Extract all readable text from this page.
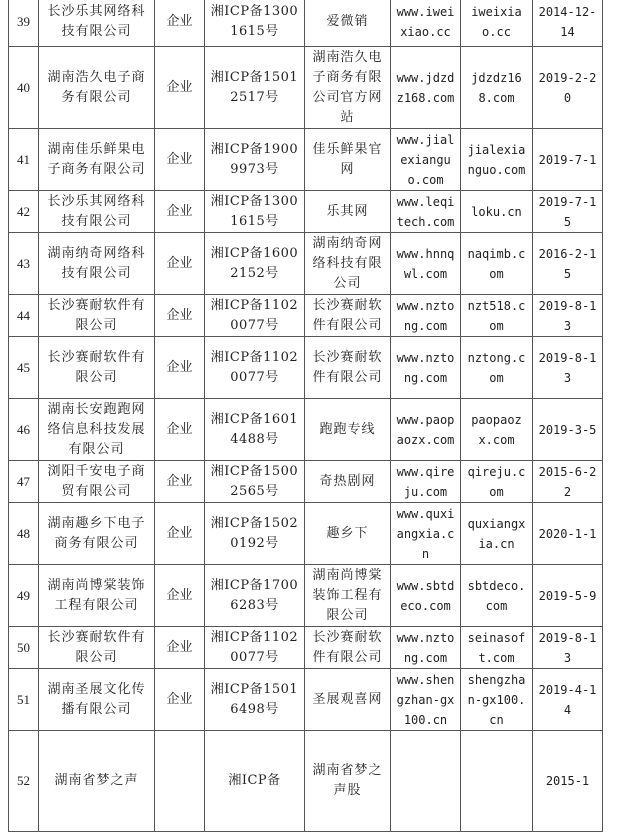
39	长沙乐其网络科技有限公司	企业	湘ICP备13001615号	爱微销	www.iweixiao.cc	iweixiao.cc	2014-12-14
40	湖南浩久电子商务有限公司	企业	湘ICP备15012517号	湖南浩久电子商务有限公司官方网站	www.jdzdz168.com	jdzdz168.com	2019-2-20
41	湖南佳乐鲜果电子商务有限公司	企业	湘ICP备19009973号	佳乐鲜果官网	www.jialexianguo.com	jialexianguo.com	2019-7-1
42	长沙乐其网络科技有限公司	企业	湘ICP备13001615号	乐其网	www.leqitech.com	loku.cn	2019-7-15
43	湖南纳奇网络科技有限公司	企业	湘ICP备16002152号	湖南纳奇网络科技有限公司	www.hnnqwl.com	naqimb.com	2016-2-15
44	长沙赛耐软件有限公司	企业	湘ICP备11020077号	长沙赛耐软件有限公司	www.nztong.com	nzt518.com	2019-8-13
45	长沙赛耐软件有限公司	企业	湘ICP备11020077号	长沙赛耐软件有限公司	www.nztong.com	nztong.com	2019-8-13
46	湖南长安跑跑网络信息科技发展有限公司	企业	湘ICP备16014488号	跑跑专线	www.paopaozx.com	paopaozx.com	2019-3-5
47	浏阳千安电子商贸有限公司	企业	湘ICP备15002565号	奇热剧网	www.qireju.com	qireju.com	2015-6-22
48	湖南趣乡下电子商务有限公司	企业	湘ICP备15020192号	趣乡下	www.quxiangxia.cn	quxiangxia.cn	2020-1-1
49	湖南尚博棠装饰工程有限公司	企业	湘ICP备17006283号	湖南尚博棠装饰工程有限公司	www.sbtdeco.com	sbtdeco.com	2019-5-9
50	长沙赛耐软件有限公司	企业	湘ICP备11020077号	长沙赛耐软件有限公司	www.nztong.com	seinasoft.com	2019-8-13
51	湖南圣展文化传播有限公司	企业	湘ICP备15016498号	圣展观喜网	www.shengzhan-gx100.cn	shengzhan-gx100.cn	2019-4-14
52	湖南省梦之声		湘ICP备	湖南省梦之声股			2015-1
